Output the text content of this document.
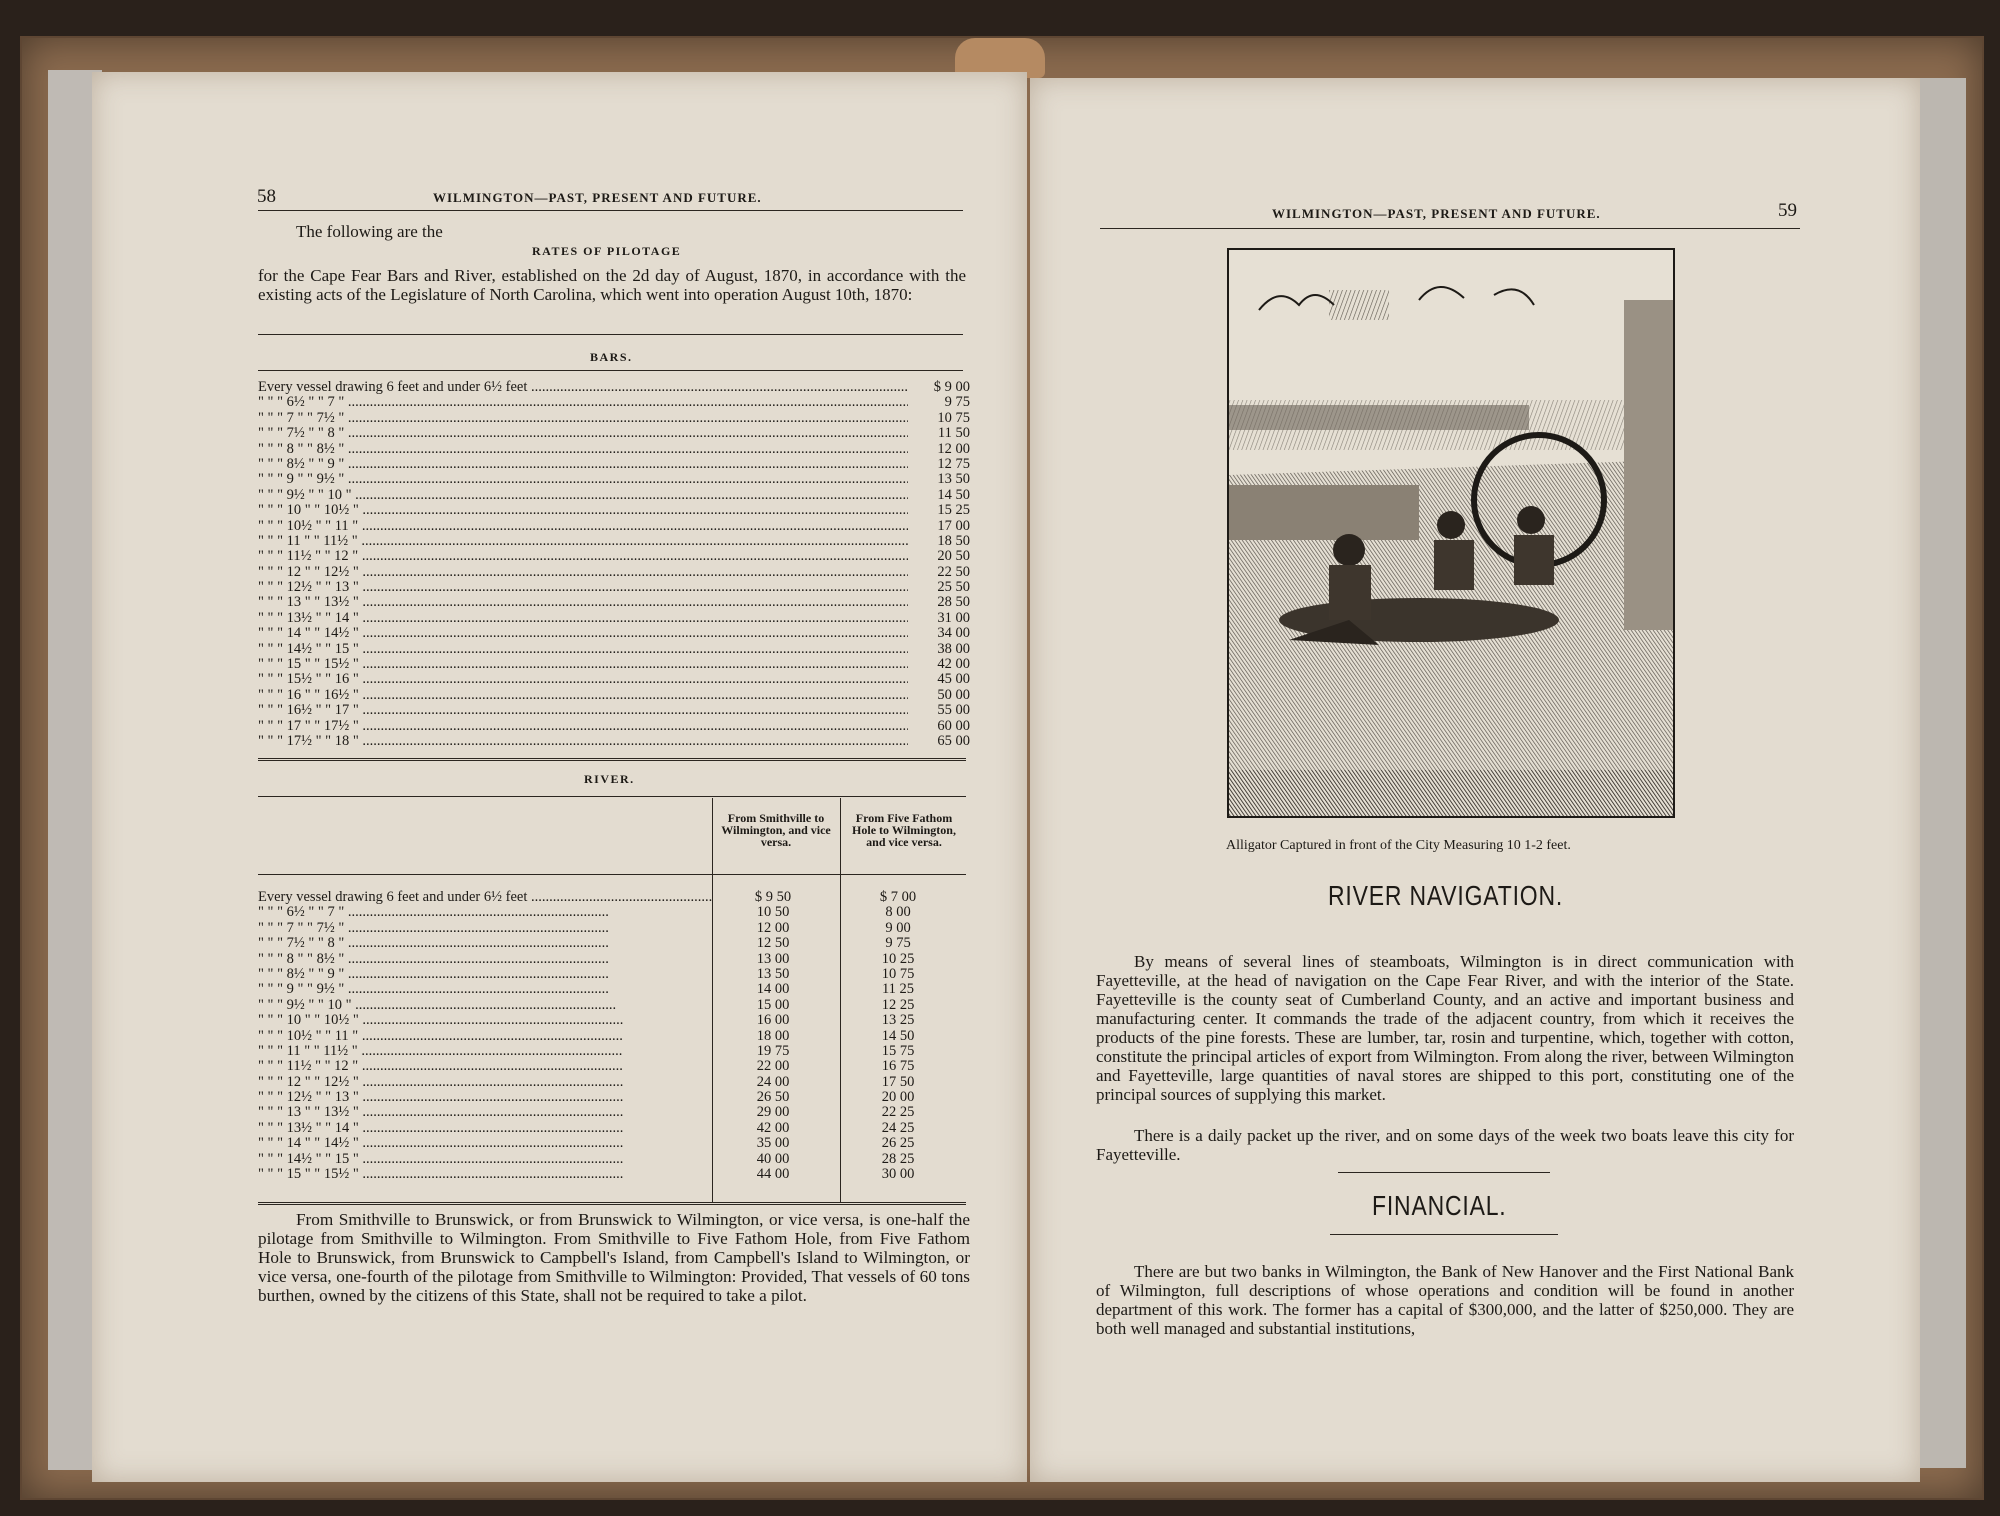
58	WILMINGTON—PAST, PRESENT AND FUTURE.
The following are the
RATES OF PILOTAGE

for the Cape Fear Bars and River, established on the 2d day of August, 1870, in accordance with the existing acts of the Legislature of North Carolina, which went into operation August 10th, 1870:

BARS.
Every vessel drawing 6 feet and under 6½ feet .....	$ 9 00
" " " 6½ " " 7 " .....	9 75
" " " 7 " " 7½ " .....	10 75
" " " 7½ " " 8 " .....	11 50
" " " 8 " " 8½ " .....	12 00
" " " 8½ " " 9 " .....	12 75
" " " 9 " " 9½ " .....	13 50
" " " 9½ " " 10 " .....	14 50
" " " 10 " " 10½ " .....	15 25
" " " 10½ " " 11 " .....	17 00
" " " 11 " " 11½ " .....	18 50
" " " 11½ " " 12 " .....	20 50
" " " 12 " " 12½ " .....	22 50
" " " 12½ " " 13 " .....	25 50
" " " 13 " " 13½ " .....	28 50
" " " 13½ " " 14 " .....	31 00
" " " 14 " " 14½ " .....	34 00
" " " 14½ " " 15 " .....	38 00
" " " 15 " " 15½ " .....	42 00
" " " 15½ " " 16 " .....	45 00
" " " 16 " " 16½ " .....	50 00
" " " 16½ " " 17 " .....	55 00
" " " 17 " " 17½ " .....	60 00
" " " 17½ " " 18 " .....	65 00
RIVER.
From Smithville to Wilmington, and vice versa.
From Five Fathom Hole to Wilmington, and vice versa.
Every vessel drawing 6 feet and under 6½ feet .....	$ 9 50	$ 7 00
" " " 6½ " " 7 " .....	10 50	8 00
" " " 7 " " 7½ " .....	12 00	9 00
" " " 7½ " " 8 " .....	12 50	9 75
" " " 8 " " 8½ " .....	13 00	10 25
" " " 8½ " " 9 " .....	13 50	10 75
" " " 9 " " 9½ " .....	14 00	11 25
" " " 9½ " " 10 " .....	15 00	12 25
" " " 10 " " 10½ " .....	16 00	13 25
" " " 10½ " " 11 " .....	18 00	14 50
" " " 11 " " 11½ " .....	19 75	15 75
" " " 11½ " " 12 " .....	22 00	16 75
" " " 12 " " 12½ " .....	24 00	17 50
" " " 12½ " " 13 " .....	26 50	20 00
" " " 13 " " 13½ " .....	29 00	22 25
" " " 13½ " " 14 " .....	42 00	24 25
" " " 14 " " 14½ " .....	35 00	26 25
" " " 14½ " " 15 " .....	40 00	28 25
" " " 15 " " 15½ " .....	44 00	30 00

From Smithville to Brunswick, or from Brunswick to Wilmington, or vice versa, is one-half the pilotage from Smithville to Wilmington. From Smithville to Five Fathom Hole, from Five Fathom Hole to Brunswick, from Brunswick to Campbell's Island, from Campbell's Island to Wilmington, or vice versa, one-fourth of the pilotage from Smithville to Wilmington: Provided, That vessels of 60 tons burthen, owned by the citizens of this State, shall not be required to take a pilot.

WILMINGTON—PAST, PRESENT AND FUTURE.	59
Alligator Captured in front of the City Measuring 10 1-2 feet.
RIVER NAVIGATION.

By means of several lines of steamboats, Wilmington is in direct communication with Fayetteville, at the head of navigation on the Cape Fear River, and with the interior of the State. Fayetteville is the county seat of Cumberland County, and an active and important business and manufacturing center. It commands the trade of the adjacent country, from which it receives the products of the pine forests. These are lumber, tar, rosin and turpentine, which, together with cotton, constitute the principal articles of export from Wilmington. From along the river, between Wilmington and Fayetteville, large quantities of naval stores are shipped to this port, constituting one of the principal sources of supplying this market.

There is a daily packet up the river, and on some days of the week two boats leave this city for Fayetteville.

FINANCIAL.

There are but two banks in Wilmington, the Bank of New Hanover and the First National Bank of Wilmington, full descriptions of whose operations and condition will be found in another department of this work. The former has a capital of $300,000, and the latter of $250,000. They are both well managed and substantial institutions,
